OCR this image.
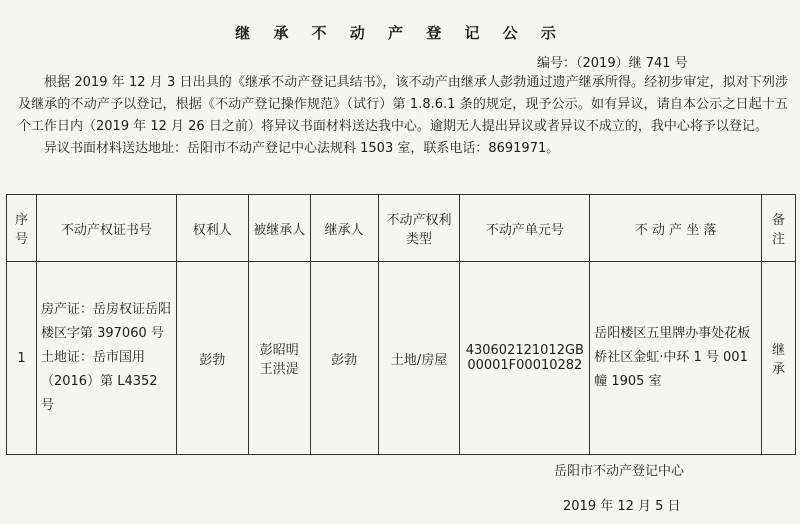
继 承 不 动 产 登 记 公 示
编号：（2019）继 741 号

根据 2019 年 12 月 3 日出具的《继承不动产登记具结书》，该不动产由继承人彭勃通过遗产继承所得。经初步审定，拟对下列涉及继承的不动产予以登记，根据《不动产登记操作规范》（试行）第 1.8.6.1 条的规定，现予公示。如有异议，请自本公示之日起十五个工作日内（2019 年 12 月 26 日之前）将异议书面材料送达我中心。逾期无人提出异议或者异议不成立的，我中心将予以登记。

异议书面材料送达地址：岳阳市不动产登记中心法规科 1503 室，联系电话：8691971。

序号	不动产权证书号	权利人	被继承人	继承人	不动产权利类型	不动产单元号	不 动 产 坐 落	备注
1	房产证：岳房权证岳阳楼区字第 397060 号
土地证：岳市国用（2016）第 L4352 号	彭勃	彭昭明 王洪湜	彭勃	土地/房屋	430602121012GB00001F00010282	岳阳楼区五里牌办事处花板桥社区金虹·中环 1 号 001 幢 1905 室	继承
岳阳市不动产登记中心
2019 年 12 月 5 日
